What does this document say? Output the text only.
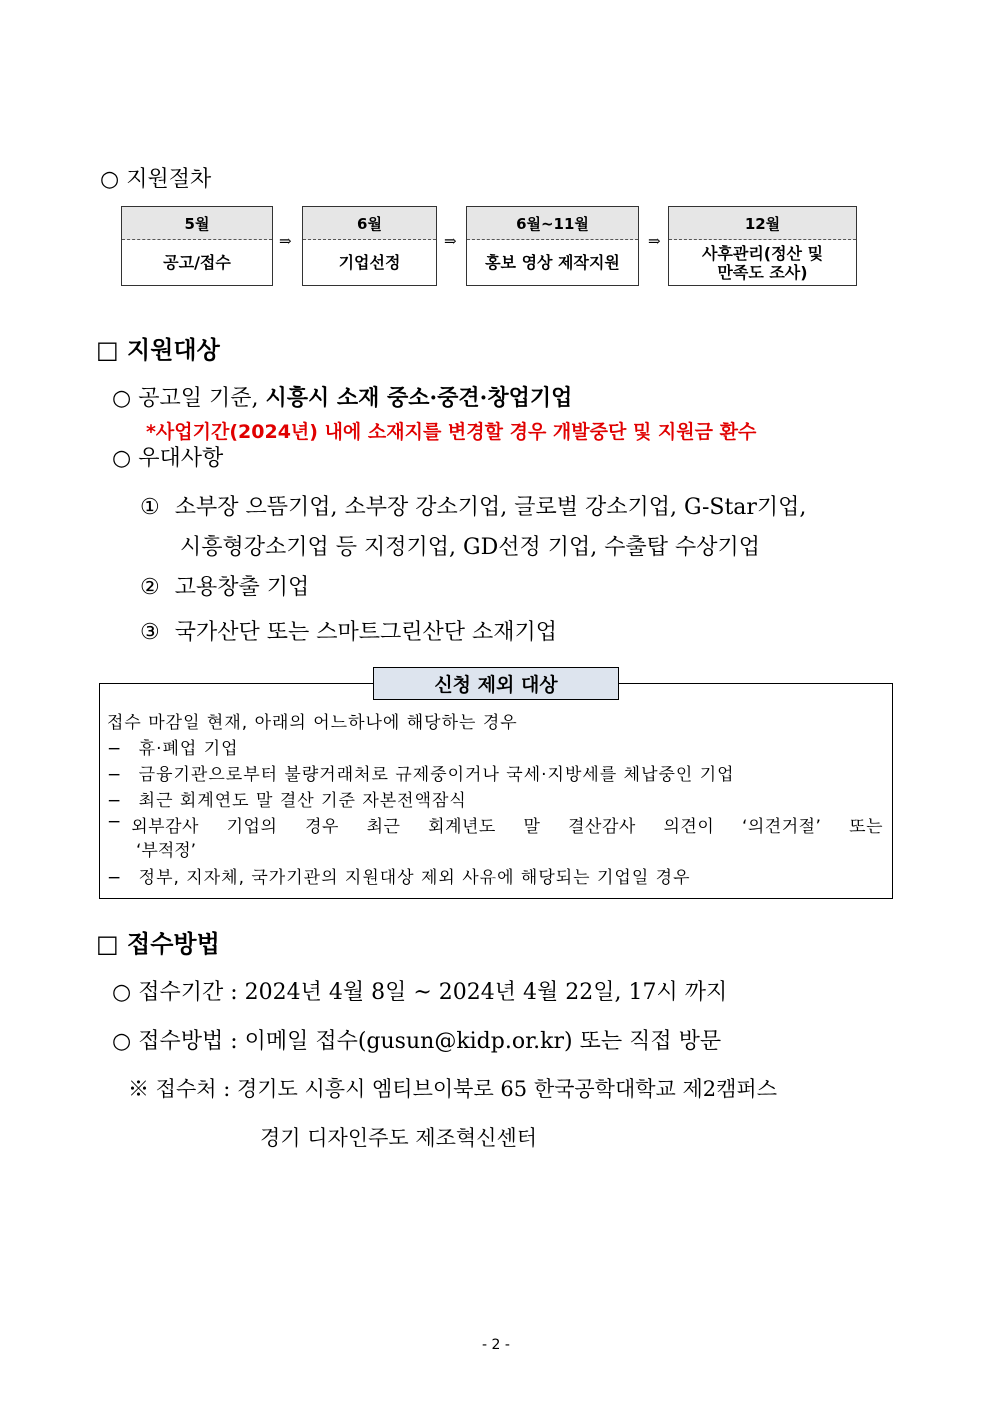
○ 지원절차
5월
공고/접수
⇒
6월
기업선정
⇒
6월~11월
홍보 영상 제작지원
⇒
12월
사후관리(정산 및
만족도 조사)
□ 지원대상
○ 공고일 기준, 시흥시 소재 중소·중견·창업기업
*사업기간(2024년) 내에 소재지를 변경할 경우 개발중단 및 지원금 환수
○ 우대사항
① 소부장 으뜸기업, 소부장 강소기업, 글로벌 강소기업, G-Star기업,
시흥형강소기업 등 지정기업, GD선정 기업, 수출탑 수상기업
② 고용창출 기업
③ 국가산단 또는 스마트그린산단 소재기업
신청 제외 대상
접수 마감일 현재, 아래의 어느하나에 해당하는 경우
− 휴·폐업 기업
− 금융기관으로부터 불량거래처로 규제중이거나 국세·지방세를 체납중인 기업
− 최근 회계연도 말 결산 기준 자본전액잠식
− 외부감사 기업의 경우 최근 회계년도 말 결산감사 의견이 ‘의견거절’ 또는
‘부적정’
− 정부, 지자체, 국가기관의 지원대상 제외 사유에 해당되는 기업일 경우
□ 접수방법
○ 접수기간 : 2024년 4월 8일 ~ 2024년 4월 22일, 17시 까지
○ 접수방법 : 이메일 접수(gusun@kidp.or.kr) 또는 직접 방문
※ 접수처 : 경기도 시흥시 엠티브이북로 65 한국공학대학교 제2캠퍼스
경기 디자인주도 제조혁신센터
- 2 -
